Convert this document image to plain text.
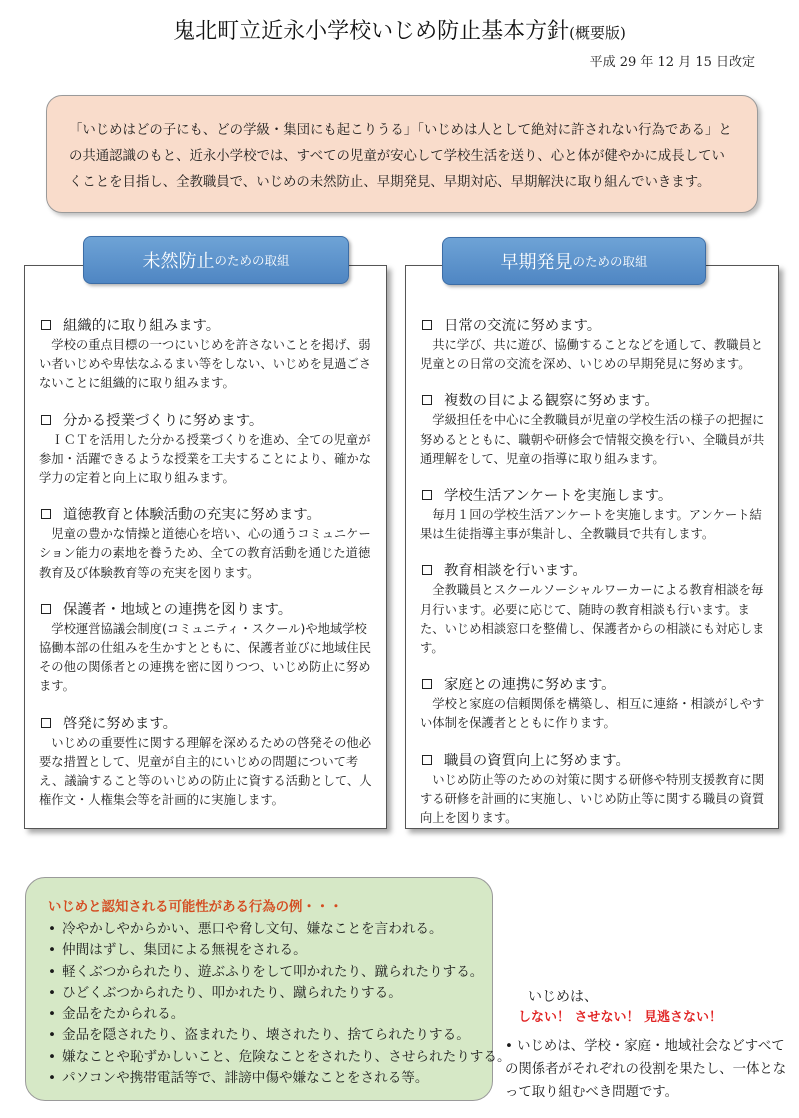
鬼北町立近永小学校いじめ防止基本方針(概要版)
平成 29 年 12 月 15 日改定
「いじめはどの子にも、どの学級・集団にも起こりうる」「いじめは人として絶対に許されない行為である」との共通認識のもと、近永小学校では、すべての児童が安心して学校生活を送り、心と体が健やかに成長していくことを目指し、全教職員で、いじめの未然防止、早期発見、早期対応、早期解決に取り組んでいきます。
組織的に取り組みます。
 学校の重点目標の一つにいじめを許さないことを掲げ、弱い者いじめや卑怯なふるまい等をしない、いじめを見過ごさないことに組織的に取り組みます。
分かる授業づくりに努めます。
 ＩＣＴを活用した分かる授業づくりを進め、全ての児童が参加・活躍できるような授業を工夫することにより、確かな学力の定着と向上に取り組みます。
道徳教育と体験活動の充実に努めます。
 児童の豊かな情操と道徳心を培い、心の通うコミュニケーション能力の素地を養うため、全ての教育活動を通じた道徳教育及び体験教育等の充実を図ります。
保護者・地域との連携を図ります。
 学校運営協議会制度(コミュニティ・スクール)や地域学校協働本部の仕組みを生かすとともに、保護者並びに地域住民その他の関係者との連携を密に図りつつ、いじめ防止に努めます。
啓発に努めます。
 いじめの重要性に関する理解を深めるための啓発その他必要な措置として、児童が自主的にいじめの問題について考え、議論すること等のいじめの防止に資する活動として、人権作文・人権集会等を計画的に実施します。
未然防止 のための取組
日常の交流に努めます。
 共に学び、共に遊び、協働することなどを通して、教職員と児童との日常の交流を深め、いじめの早期発見に努めます。
複数の目による観察に努めます。
 学級担任を中心に全教職員が児童の学校生活の様子の把握に努めるとともに、職朝や研修会で情報交換を行い、全職員が共通理解をして、児童の指導に取り組みます。
学校生活アンケートを実施します。
 毎月１回の学校生活アンケートを実施します。アンケート結果は生徒指導主事が集計し、全教職員で共有します。
教育相談を行います。
 全教職員とスクールソーシャルワーカーによる教育相談を毎月行います。必要に応じて、随時の教育相談も行います。また、いじめ相談窓口を整備し、保護者からの相談にも対応します。
家庭との連携に努めます。
 学校と家庭の信頼関係を構築し、相互に連絡・相談がしやすい体制を保護者とともに作ります。
職員の資質向上に努めます。
 いじめ防止等のための対策に関する研修や特別支援教育に関する研修を計画的に実施し、いじめ防止等に関する職員の資質向上を図ります。
早期発見 のための取組
いじめと認知される可能性がある行為の例・・・
• 冷やかしやからかい、悪口や脅し文句、嫌なことを言われる。
• 仲間はずし、集団による無視をされる。
• 軽くぶつかられたり、遊ぶふりをして叩かれたり、蹴られたりする。
• ひどくぶつかられたり、叩かれたり、蹴られたりする。
• 金品をたかられる。
• 金品を隠されたり、盗まれたり、壊されたり、捨てられたりする。
• 嫌なことや恥ずかしいこと、危険なことをされたり、させられたりする。
• パソコンや携帯電話等で、誹謗中傷や嫌なことをされる等。
いじめは、
しない！ させない！ 見逃さない！
• いじめは、学校・家庭・地域社会などすべての関係者がそれぞれの役割を果たし、一体となって取り組むべき問題です。
